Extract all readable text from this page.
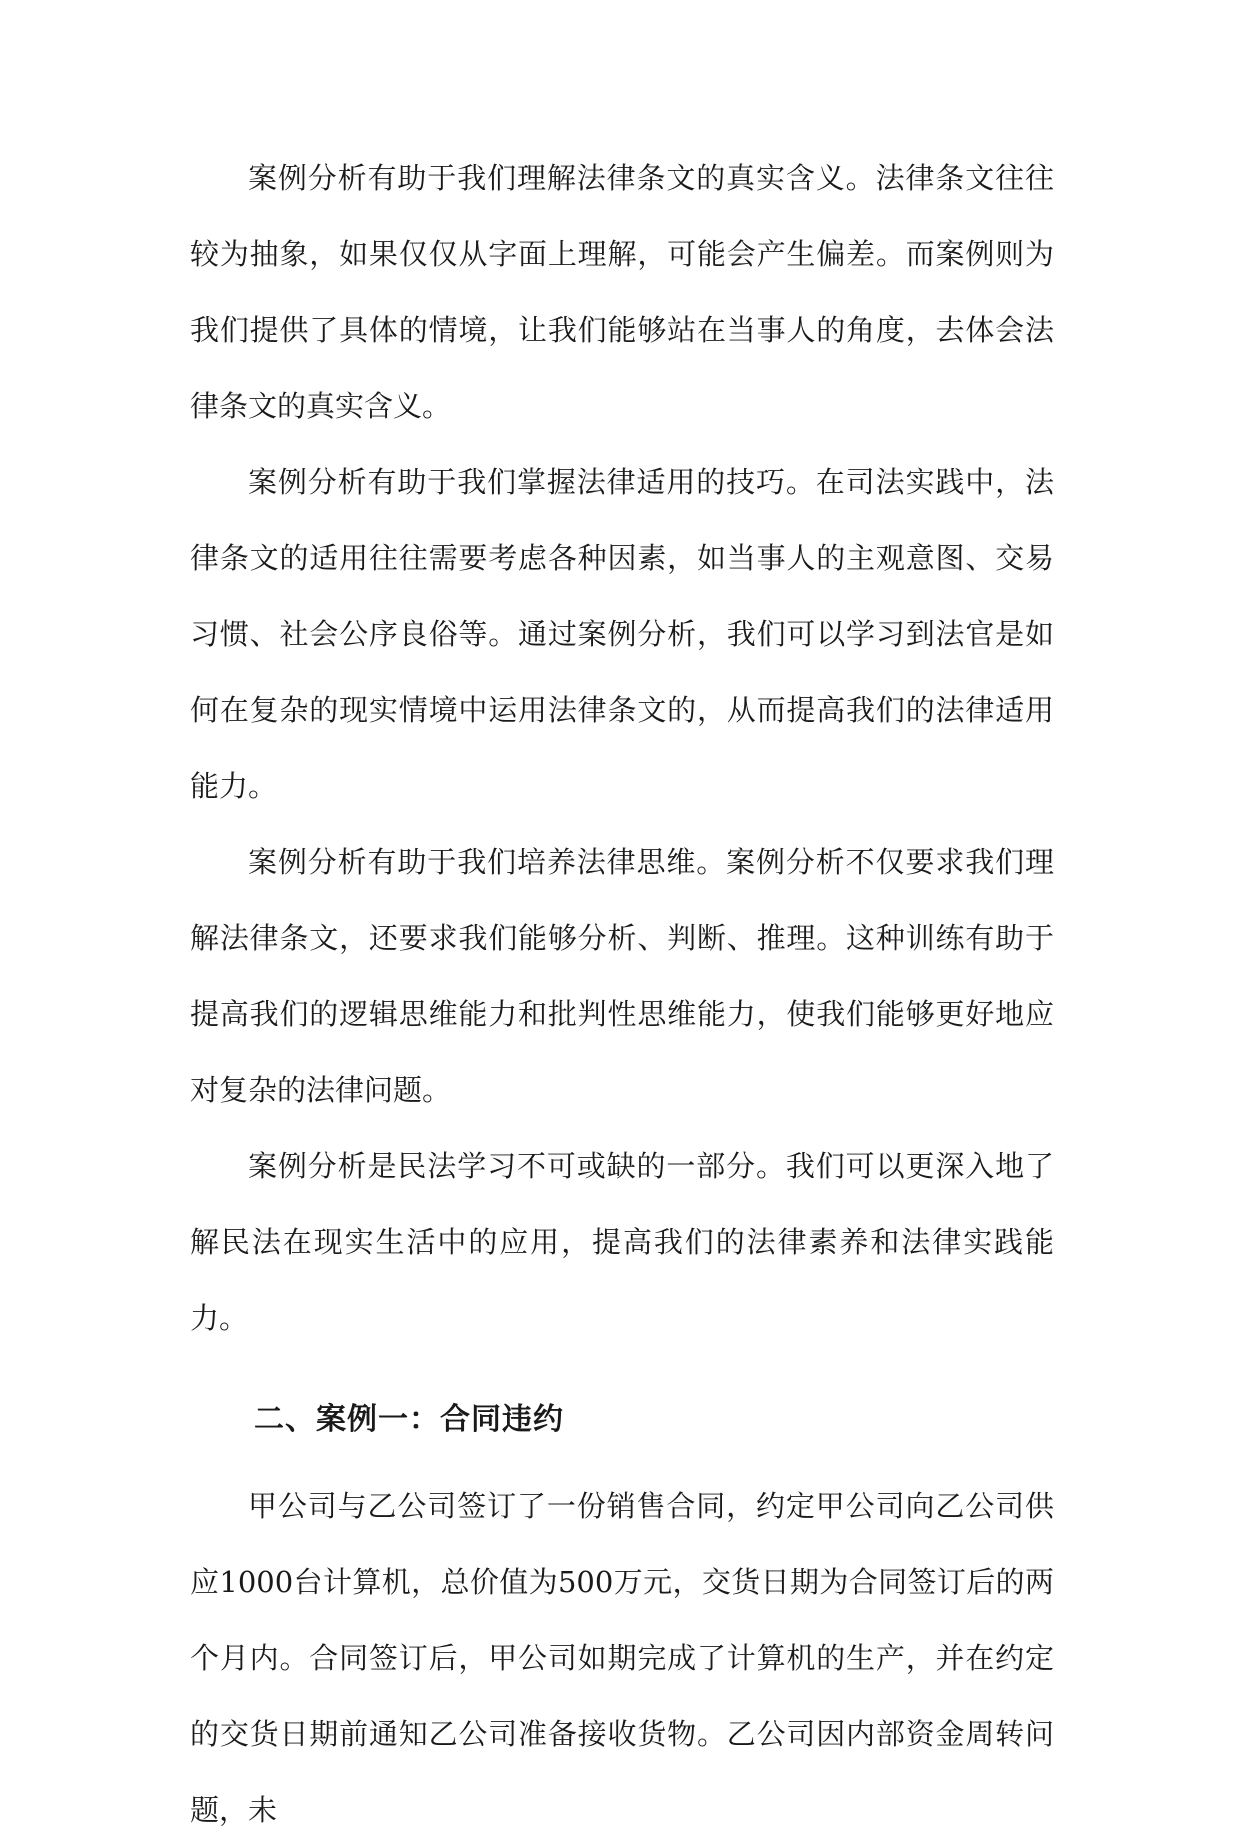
案例分析有助于我们理解法律条文的真实含义。法律条文往往较为抽象，如果仅仅从字面上理解，可能会产生偏差。而案例则为我们提供了具体的情境，让我们能够站在当事人的角度，去体会法律条文的真实含义。

案例分析有助于我们掌握法律适用的技巧。在司法实践中，法律条文的适用往往需要考虑各种因素，如当事人的主观意图、交易习惯、社会公序良俗等。通过案例分析，我们可以学习到法官是如何在复杂的现实情境中运用法律条文的，从而提高我们的法律适用能力。

案例分析有助于我们培养法律思维。案例分析不仅要求我们理解法律条文，还要求我们能够分析、判断、推理。这种训练有助于提高我们的逻辑思维能力和批判性思维能力，使我们能够更好地应对复杂的法律问题。

案例分析是民法学习不可或缺的一部分。我们可以更深入地了解民法在现实生活中的应用，提高我们的法律素养和法律实践能力。

二、案例一：合同违约

甲公司与乙公司签订了一份销售合同，约定甲公司向乙公司供应1000台计算机，总价值为500万元，交货日期为合同签订后的两个月内。合同签订后，甲公司如期完成了计算机的生产，并在约定的交货日期前通知乙公司准备接收货物。乙公司因内部资金周转问题，未
